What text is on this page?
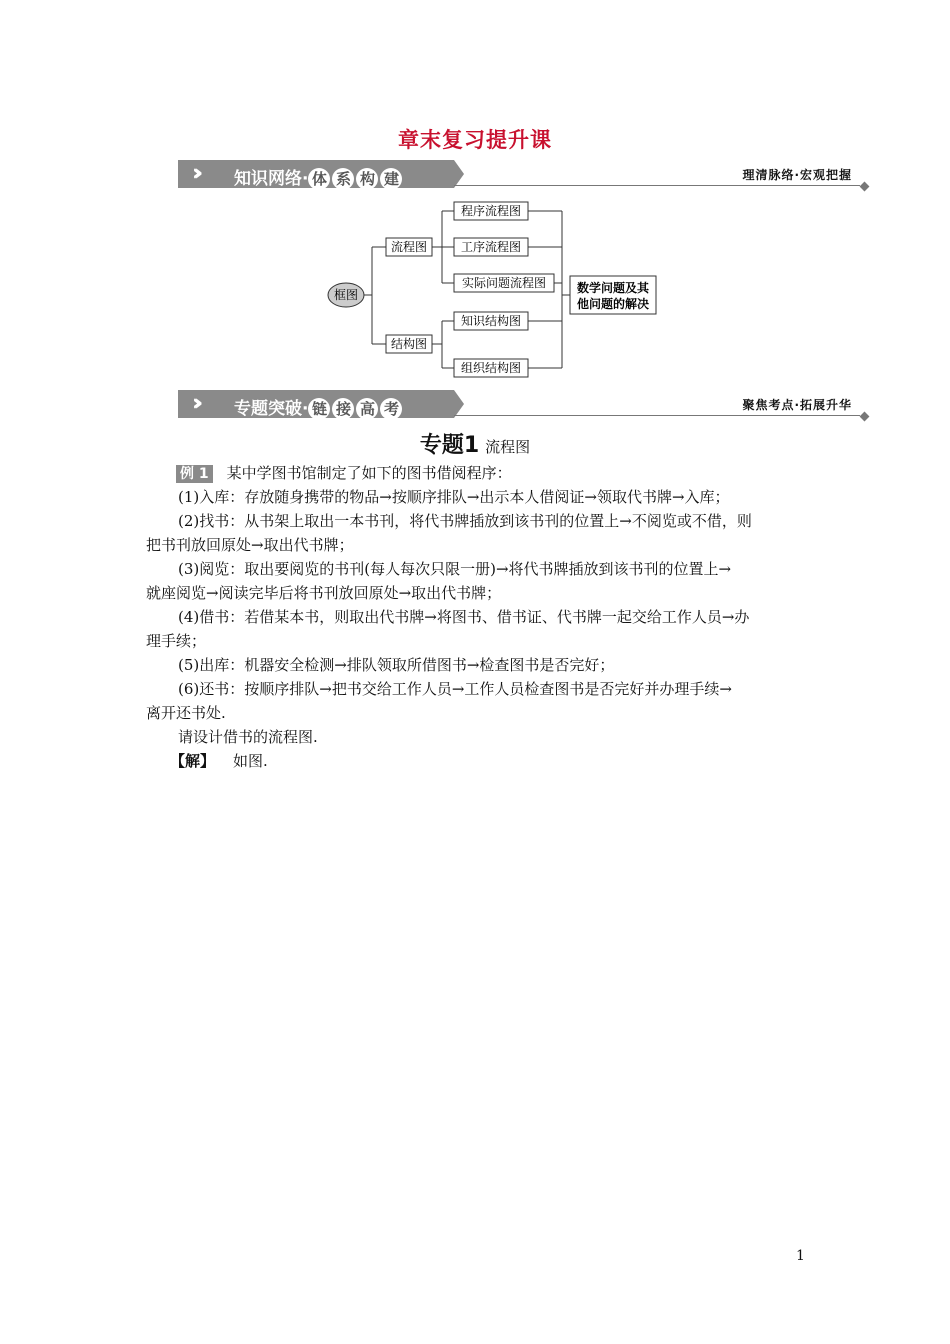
章末复习提升课
››› 知识网络· 体 系 构 建	理清脉络·宏观把握
框图
流程图
结构图
程序流程图
工序流程图
实际问题流程图
知识结构图
组织结构图
数学问题及其
他问题的解决
››› 专题突破· 链 接 高 考	聚焦考点·拓展升华
专题1 流程图
例 1 某中学图书馆制定了如下的图书借阅程序：
(1)入库：存放随身携带的物品→按顺序排队→出示本人借阅证→领取代书牌→入库；
(2)找书：从书架上取出一本书刊，将代书牌插放到该书刊的位置上→不阅览或不借，则
把书刊放回原处→取出代书牌；
(3)阅览：取出要阅览的书刊(每人每次只限一册)→将代书牌插放到该书刊的位置上→
就座阅览→阅读完毕后将书刊放回原处→取出代书牌；
(4)借书：若借某本书，则取出代书牌→将图书、借书证、代书牌一起交给工作人员→办
理手续；
(5)出库：机器安全检测→排队领取所借图书→检查图书是否完好；
(6)还书：按顺序排队→把书交给工作人员→工作人员检查图书是否完好并办理手续→
离开还书处.
请设计借书的流程图.
【解】 如图.
1
